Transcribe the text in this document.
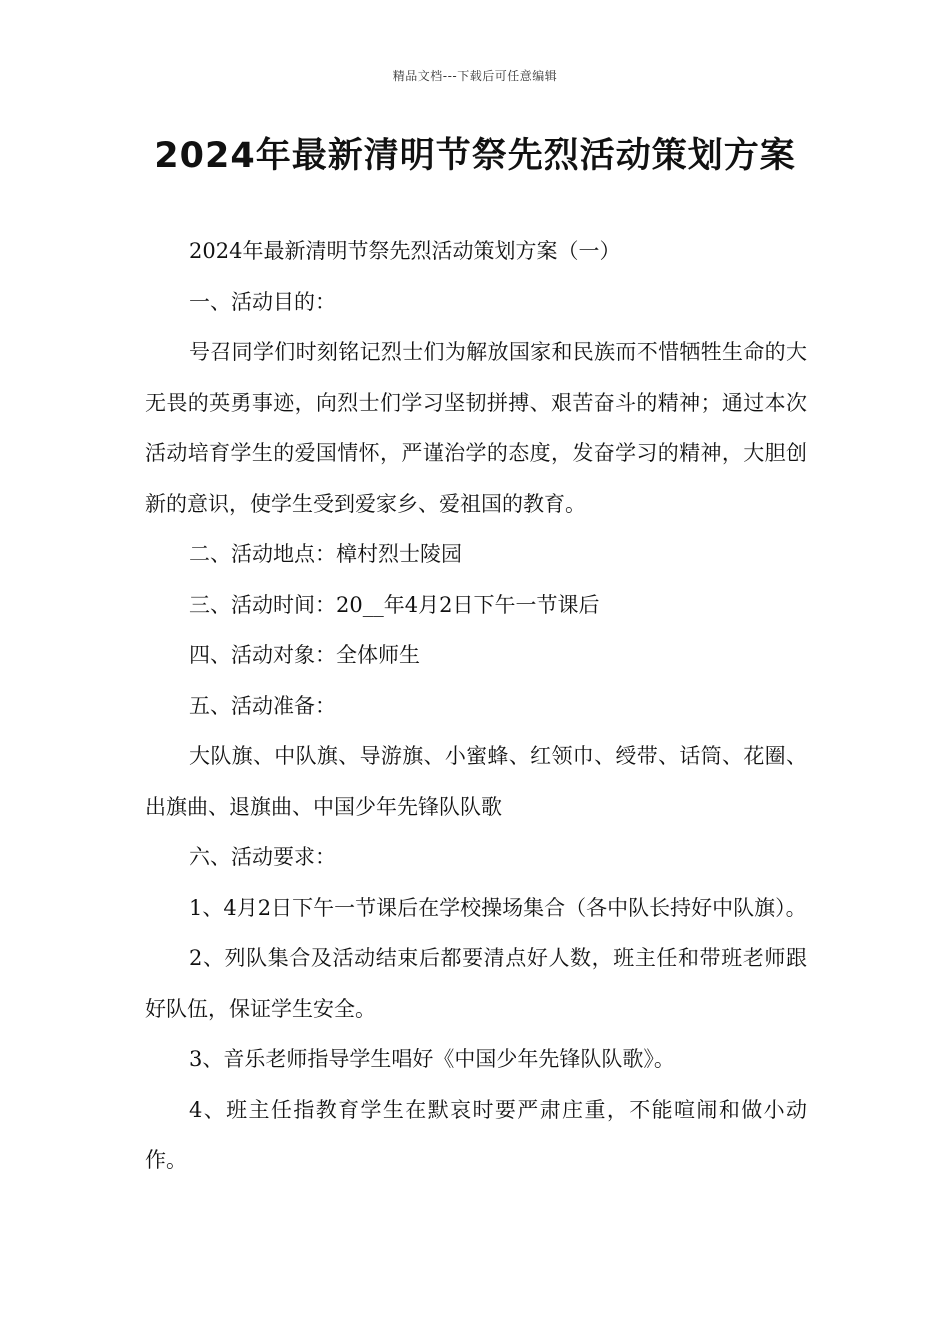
精品文档---下载后可任意编辑
2024年最新清明节祭先烈活动策划方案

2024年最新清明节祭先烈活动策划方案（一）

一、活动目的：

号召同学们时刻铭记烈士们为解放国家和民族而不惜牺牲生命的大无畏的英勇事迹，向烈士们学习坚韧拼搏、艰苦奋斗的精神；通过本次活动培育学生的爱国情怀，严谨治学的态度，发奋学习的精神，大胆创新的意识，使学生受到爱家乡、爱祖国的教育。

二、活动地点：樟村烈士陵园

三、活动时间：20__年4月2日下午一节课后

四、活动对象：全体师生

五、活动准备：

大队旗、中队旗、导游旗、小蜜蜂、红领巾、绶带、话筒、花圈、出旗曲、退旗曲、中国少年先锋队队歌

六、活动要求：

1、4月2日下午一节课后在学校操场集合（各中队长持好中队旗）。

2、列队集合及活动结束后都要清点好人数，班主任和带班老师跟好队伍，保证学生安全。

3、音乐老师指导学生唱好《中国少年先锋队队歌》。

4、班主任指教育学生在默哀时要严肃庄重，不能喧闹和做小动作。
